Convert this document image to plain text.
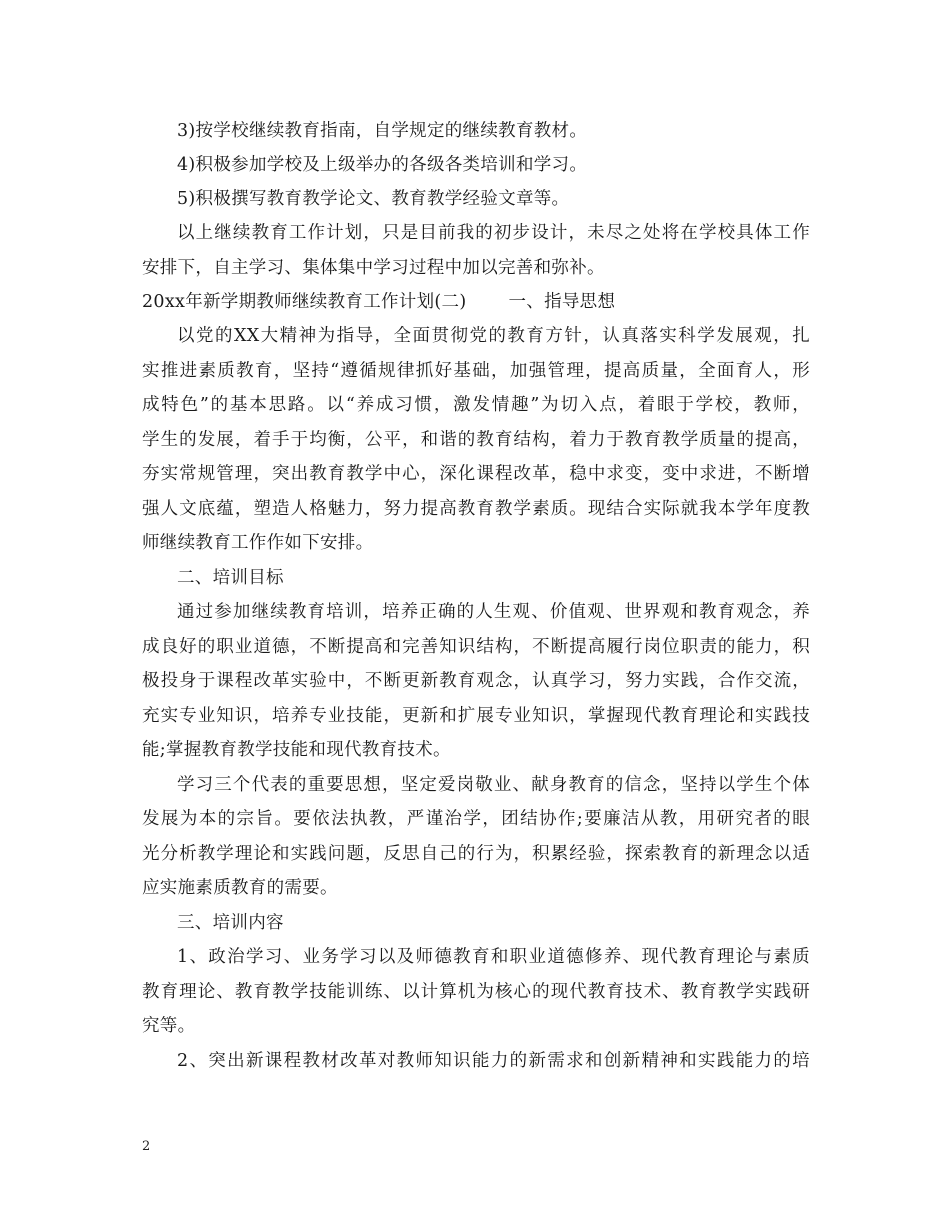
3)按学校继续教育指南，自学规定的继续教育教材。
4)积极参加学校及上级举办的各级各类培训和学习。
5)积极撰写教育教学论文、教育教学经验文章等。
以上继续教育工作计划，只是目前我的初步设计，未尽之处将在学校具体工作
安排下，自主学习、集体集中学习过程中加以完善和弥补。
20xx年新学期教师继续教育工作计划(二) 一、指导思想
以党的XX大精神为指导，全面贯彻党的教育方针，认真落实科学发展观，扎
实推进素质教育，坚持“遵循规律抓好基础，加强管理，提高质量，全面育人，形
成特色”的基本思路。以“养成习惯，激发情趣”为切入点，着眼于学校，教师，
学生的发展，着手于均衡，公平，和谐的教育结构，着力于教育教学质量的提高，
夯实常规管理，突出教育教学中心，深化课程改革，稳中求变，变中求进，不断增
强人文底蕴，塑造人格魅力，努力提高教育教学素质。现结合实际就我本学年度教
师继续教育工作作如下安排。
二、培训目标
通过参加继续教育培训，培养正确的人生观、价值观、世界观和教育观念，养
成良好的职业道德，不断提高和完善知识结构，不断提高履行岗位职责的能力，积
极投身于课程改革实验中，不断更新教育观念，认真学习，努力实践，合作交流，
充实专业知识，培养专业技能，更新和扩展专业知识，掌握现代教育理论和实践技
能;掌握教育教学技能和现代教育技术。
学习三个代表的重要思想，坚定爱岗敬业、献身教育的信念，坚持以学生个体
发展为本的宗旨。要依法执教，严谨治学，团结协作;要廉洁从教，用研究者的眼
光分析教学理论和实践问题，反思自己的行为，积累经验，探索教育的新理念以适
应实施素质教育的需要。
三、培训内容
1、政治学习、业务学习以及师德教育和职业道德修养、现代教育理论与素质
教育理论、教育教学技能训练、以计算机为核心的现代教育技术、教育教学实践研
究等。
2、突出新课程教材改革对教师知识能力的新需求和创新精神和实践能力的培
2
